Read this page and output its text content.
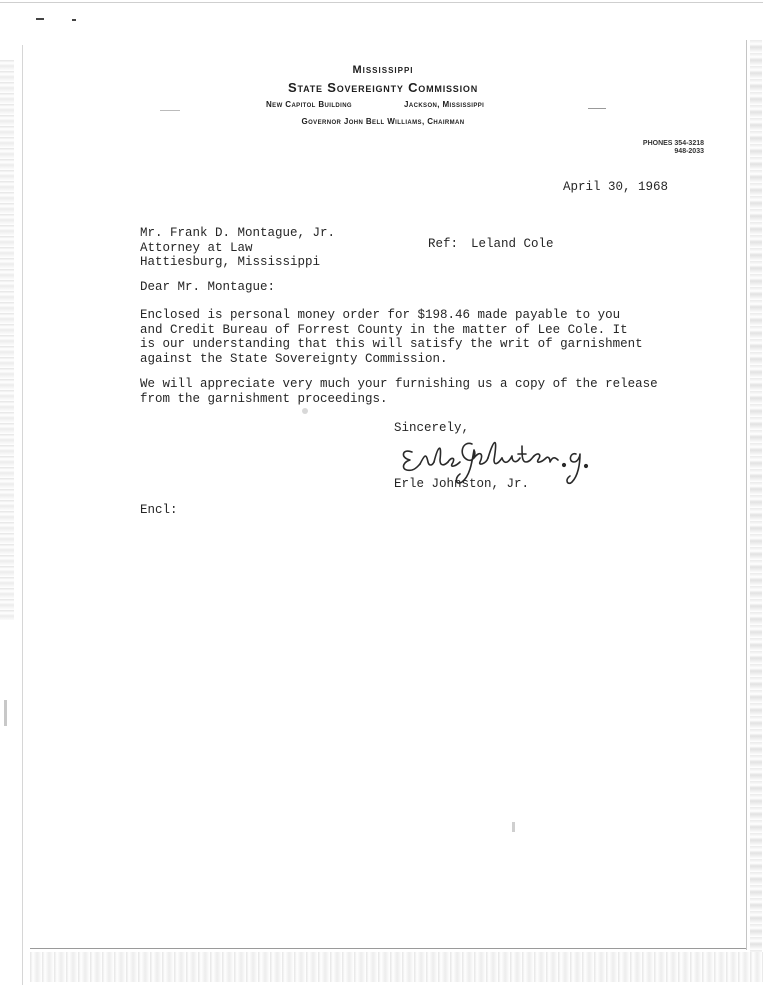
Mississippi
State Sovereignty Commission
New Capitol Building	Jackson, Mississippi
Governor John Bell Williams, Chairman
PHONES 354-3218
948-2033
April 30, 1968
Mr. Frank D. Montague, Jr.
Attorney at Law
Hattiesburg, Mississippi
Ref: Leland Cole
Dear Mr. Montague:
Enclosed is personal money order for $198.46 made payable to you
and Credit Bureau of Forrest County in the matter of Lee Cole. It
is our understanding that this will satisfy the writ of garnishment
against the State Sovereignty Commission.
We will appreciate very much your furnishing us a copy of the release
from the garnishment proceedings.
Sincerely,
Erle Johnston, Jr.
Encl:
